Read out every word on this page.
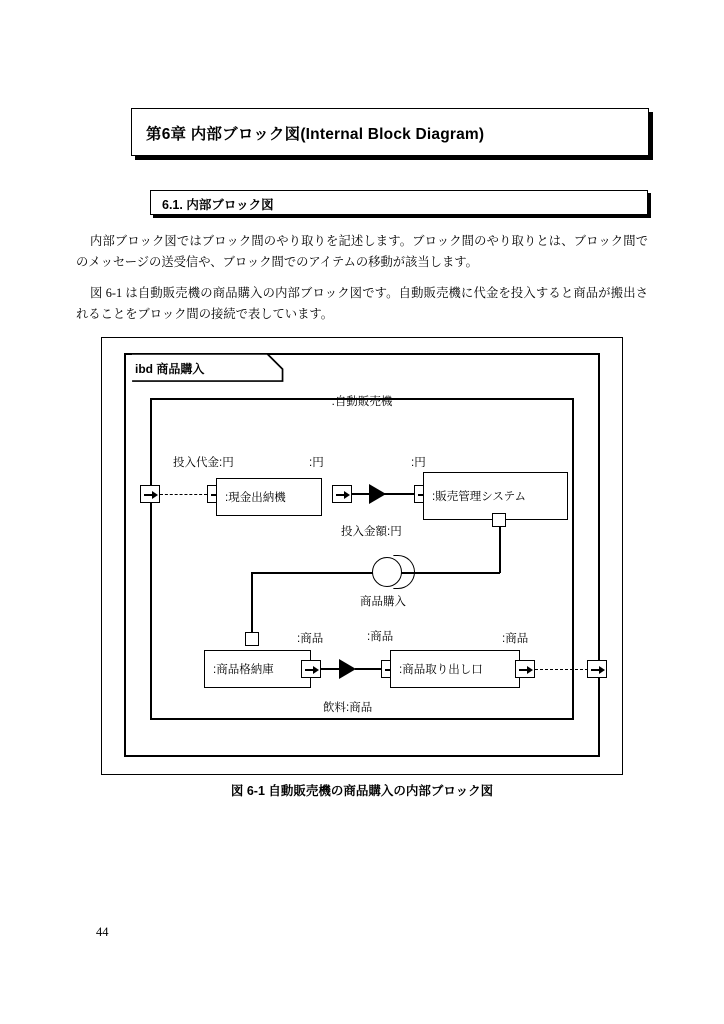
第6章 内部ブロック図(Internal Block Diagram)
6.1. 内部ブロック図
内部ブロック図ではブロック間のやり取りを記述します。ブロック間のやり取りとは、ブロック間でのメッセージの送受信や、ブロック間でのアイテムの移動が該当します。
図 6-1 は自動販売機の商品購入の内部ブロック図です。自動販売機に代金を投入すると商品が搬出されることをブロック間の接続で表しています。
ibd 商品購入
:自動販売機
:現金出納機	:販売管理システム
投入代金:円	:円	:円
投入金額:円
商品購入
:商品格納庫	:商品取り出し口
:商品	:商品	:商品
飲料:商品
図 6-1 自動販売機の商品購入の内部ブロック図
44
